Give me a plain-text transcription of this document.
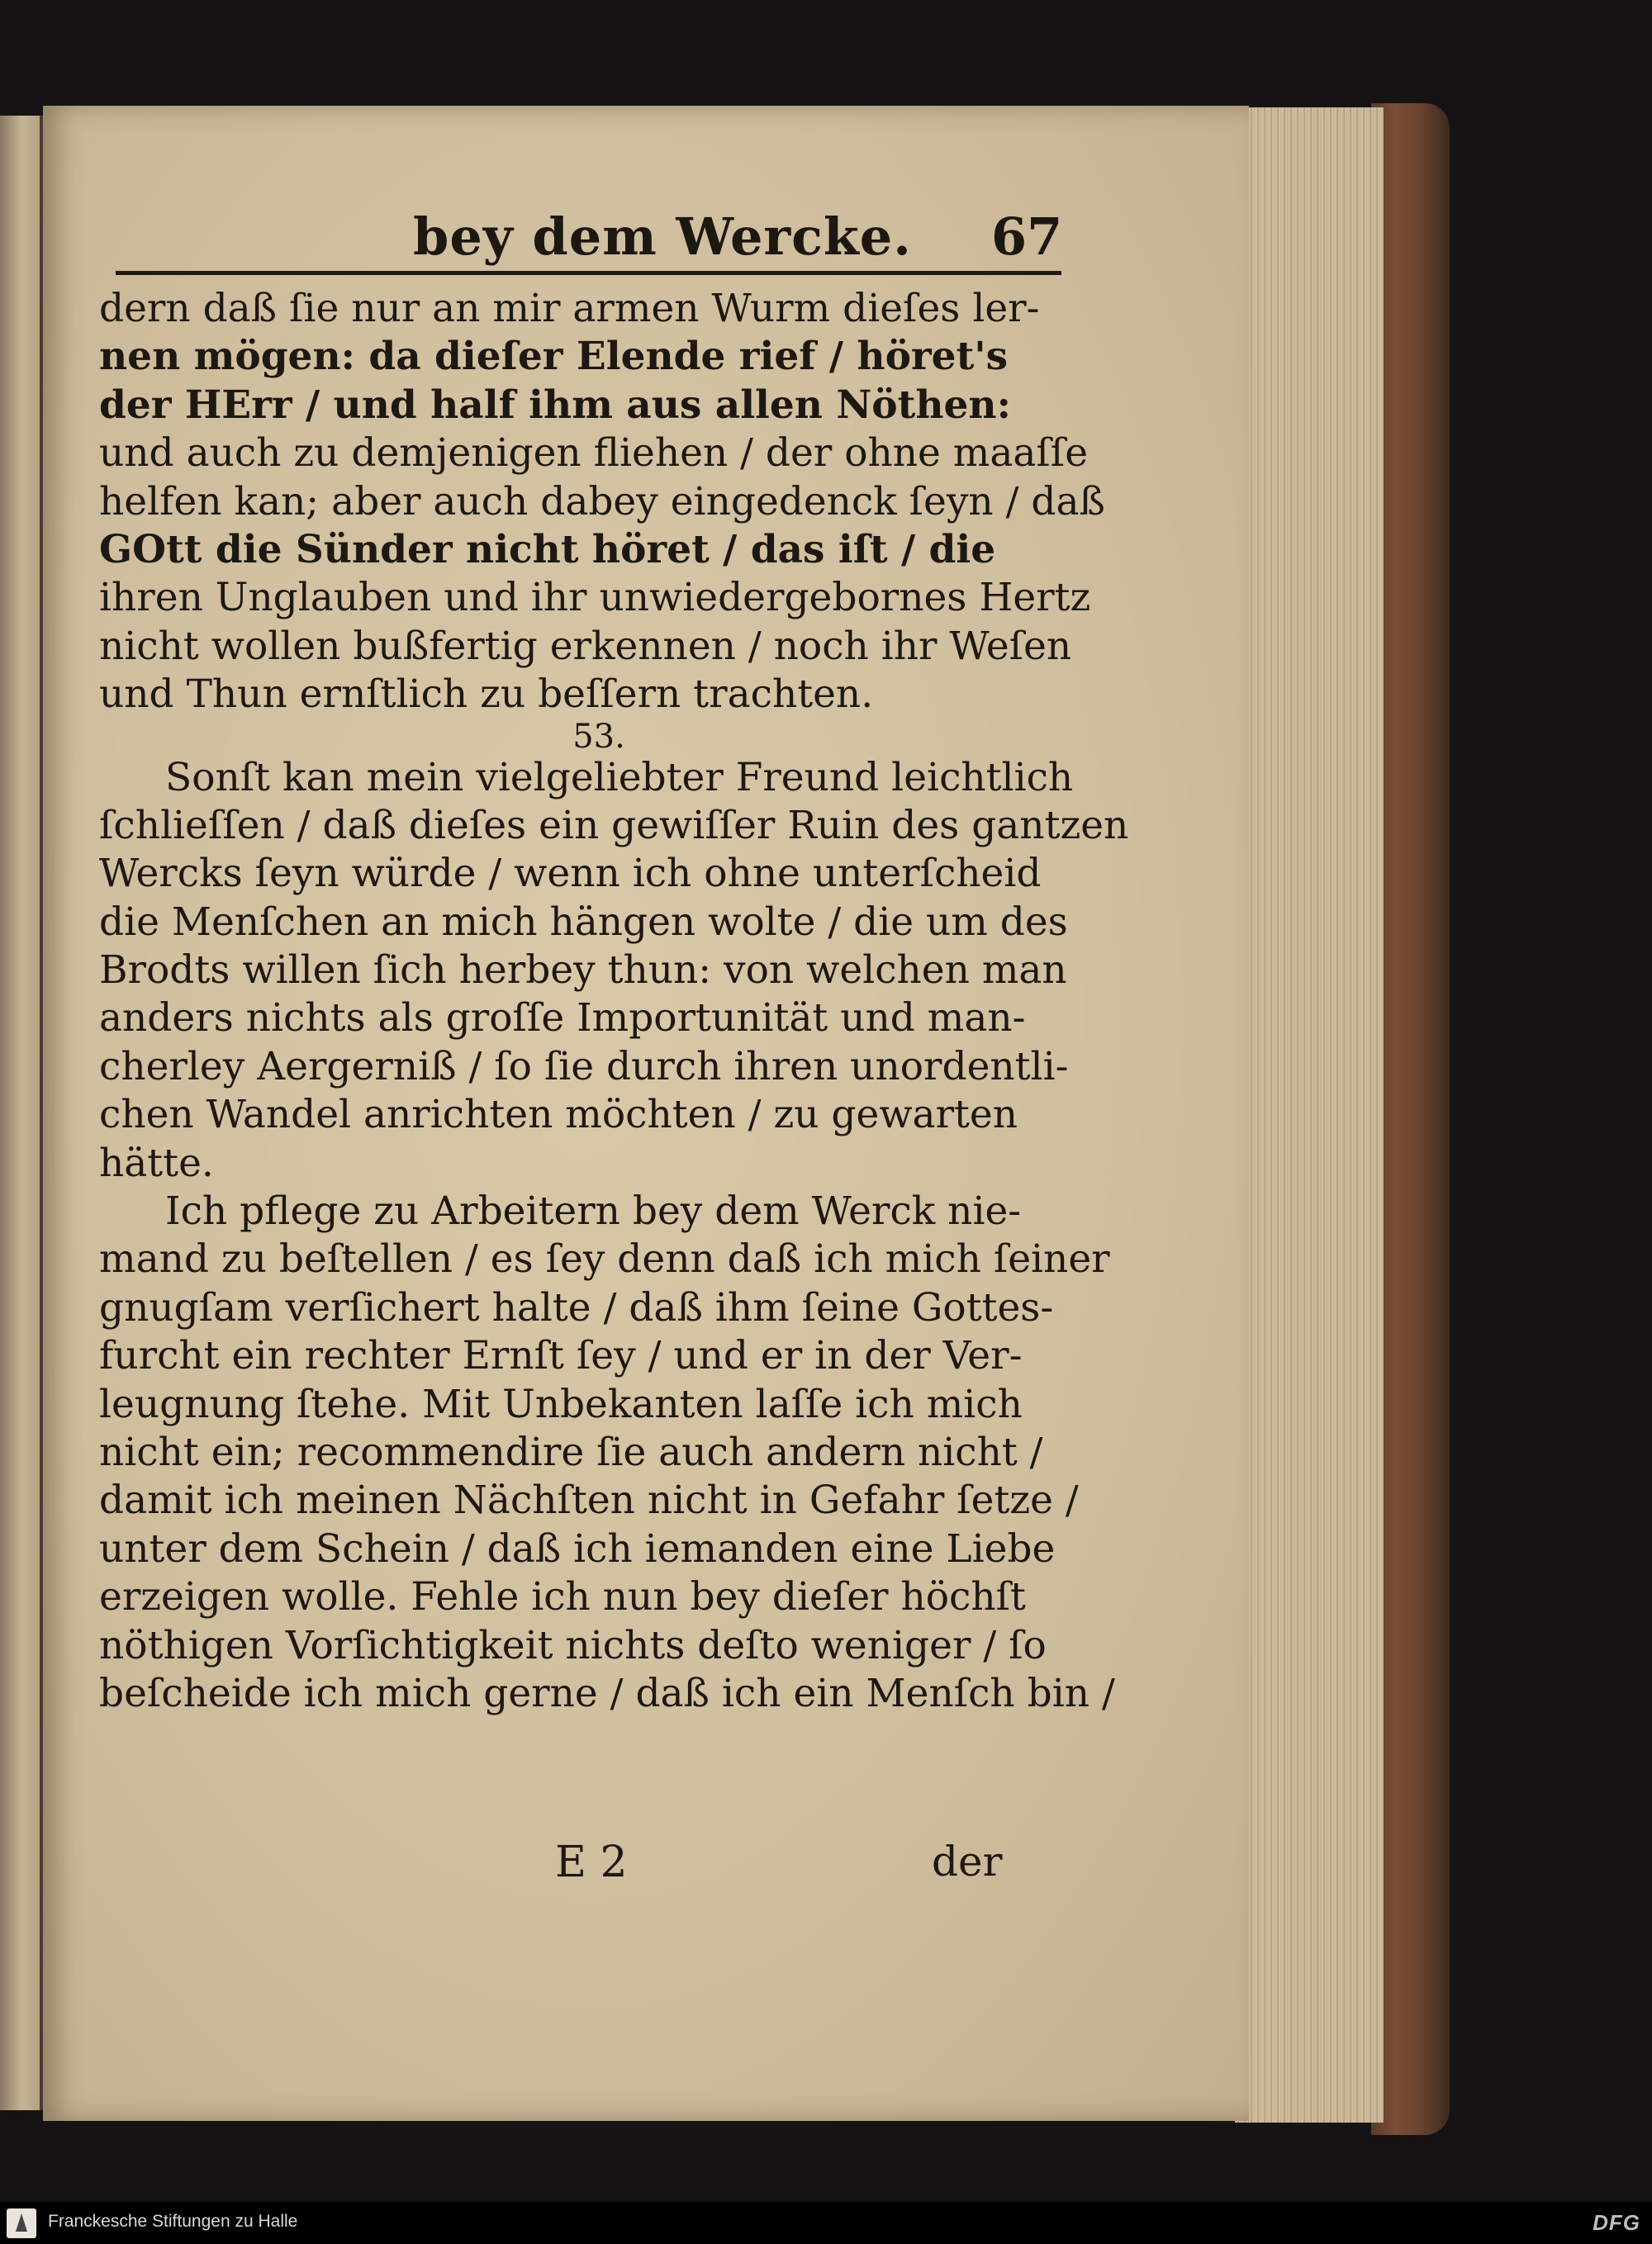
bey dem Wercke. 67
dern daß ſie nur an mir armen Wurm dieſes ler-
nen mögen: da dieſer Elende rief / höret's
der HErr / und half ihm aus allen Nöthen:
und auch zu demjenigen fliehen / der ohne maaſſe
helfen kan; aber auch dabey eingedenck ſeyn / daß
GOtt die Sünder nicht höret / das iſt / die
ihren Unglauben und ihr unwiedergebornes Hertz
nicht wollen bußfertig erkennen / noch ihr Weſen
und Thun ernſtlich zu beſſern trachten.
53.
Sonſt kan mein vielgeliebter Freund leichtlich
ſchlieſſen / daß dieſes ein gewiſſer Ruin des gantzen
Wercks ſeyn würde / wenn ich ohne unterſcheid
die Menſchen an mich hängen wolte / die um des
Brodts willen ſich herbey thun: von welchen man
anders nichts als groſſe Importunität und man-
cherley Aergerniß / ſo ſie durch ihren unordentli-
chen Wandel anrichten möchten / zu gewarten
hätte.
Ich pflege zu Arbeitern bey dem Werck nie-
mand zu beſtellen / es ſey denn daß ich mich ſeiner
gnugſam verſichert halte / daß ihm ſeine Gottes-
furcht ein rechter Ernſt ſey / und er in der Ver-
leugnung ſtehe. Mit Unbekanten laſſe ich mich
nicht ein; recommendire ſie auch andern nicht /
damit ich meinen Nächſten nicht in Gefahr ſetze /
unter dem Schein / daß ich iemanden eine Liebe
erzeigen wolle. Fehle ich nun bey dieſer höchſt
nöthigen Vorſichtigkeit nichts deſto weniger / ſo
beſcheide ich mich gerne / daß ich ein Menſch bin /
E 2	der
Franckesche Stiftungen zu Halle	DFG
